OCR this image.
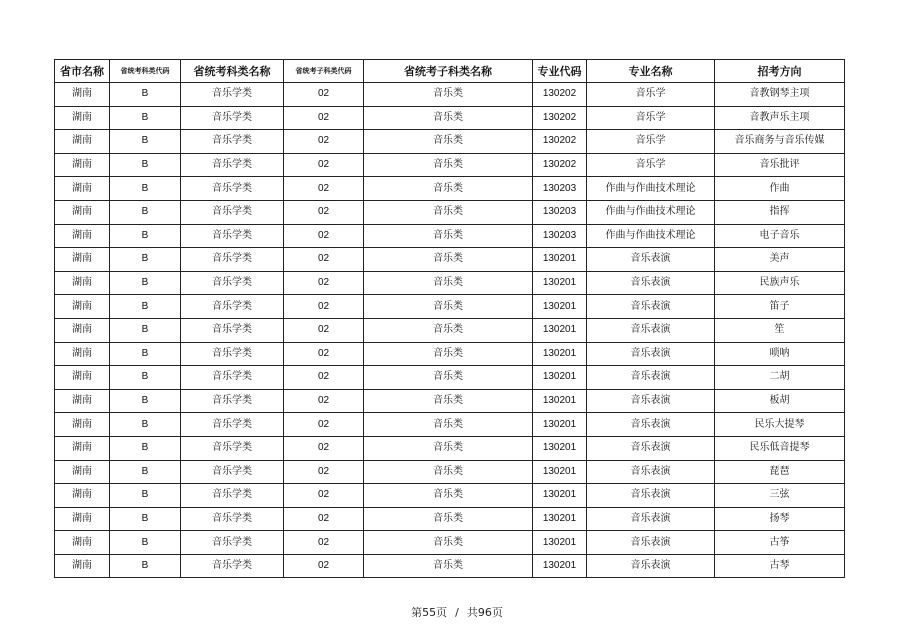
省市名称	省统考科类代码	省统考科类名称	省统考子科类代码	省统考子科类名称	专业代码	专业名称	招考方向
湖南	B	音乐学类	02	音乐类	130202	音乐学	音教钢琴主项
湖南	B	音乐学类	02	音乐类	130202	音乐学	音教声乐主项
湖南	B	音乐学类	02	音乐类	130202	音乐学	音乐商务与音乐传媒
湖南	B	音乐学类	02	音乐类	130202	音乐学	音乐批评
湖南	B	音乐学类	02	音乐类	130203	作曲与作曲技术理论	作曲
湖南	B	音乐学类	02	音乐类	130203	作曲与作曲技术理论	指挥
湖南	B	音乐学类	02	音乐类	130203	作曲与作曲技术理论	电子音乐
湖南	B	音乐学类	02	音乐类	130201	音乐表演	美声
湖南	B	音乐学类	02	音乐类	130201	音乐表演	民族声乐
湖南	B	音乐学类	02	音乐类	130201	音乐表演	笛子
湖南	B	音乐学类	02	音乐类	130201	音乐表演	笙
湖南	B	音乐学类	02	音乐类	130201	音乐表演	唢呐
湖南	B	音乐学类	02	音乐类	130201	音乐表演	二胡
湖南	B	音乐学类	02	音乐类	130201	音乐表演	板胡
湖南	B	音乐学类	02	音乐类	130201	音乐表演	民乐大提琴
湖南	B	音乐学类	02	音乐类	130201	音乐表演	民乐低音提琴
湖南	B	音乐学类	02	音乐类	130201	音乐表演	琵琶
湖南	B	音乐学类	02	音乐类	130201	音乐表演	三弦
湖南	B	音乐学类	02	音乐类	130201	音乐表演	扬琴
湖南	B	音乐学类	02	音乐类	130201	音乐表演	古筝
湖南	B	音乐学类	02	音乐类	130201	音乐表演	古琴
第55页 / 共96页
